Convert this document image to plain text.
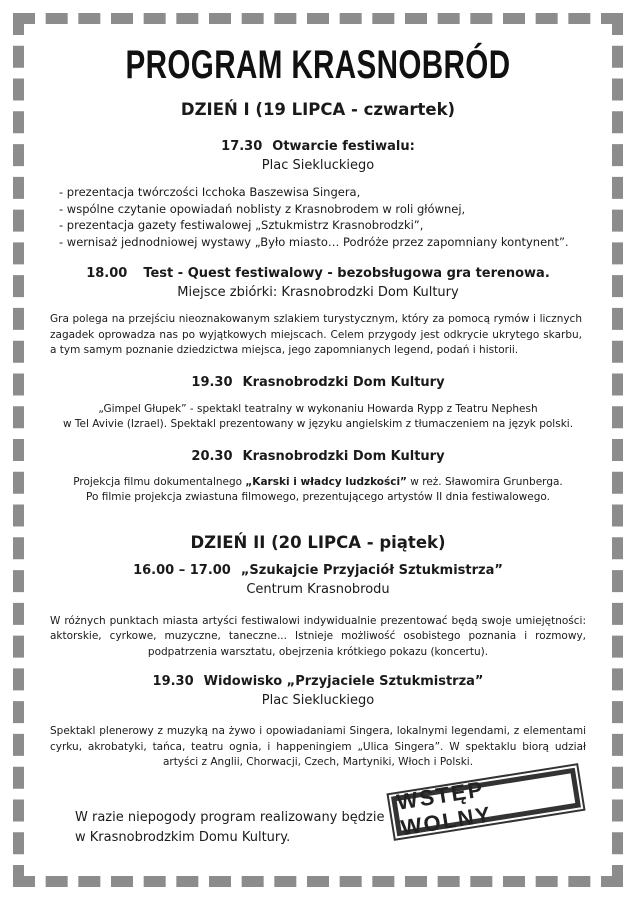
PROGRAM KRASNOBRÓD
DZIEŃ I (19 LIPCA - czwartek)

17.30 Otwarcie festiwalu:

Plac Siekluckiego

- prezentacja twórczości Icchoka Baszewisa Singera,
- wspólne czytanie opowiadań noblisty z Krasnobrodem w roli głównej,
- prezentacja gazety festiwalowej „Sztukmistrz Krasnobrodzki”,
- wernisaż jednodniowej wystawy „Było miasto… Podróże przez zapomniany kontynent”.

18.00 Test - Quest festiwalowy - bezobsługowa gra terenowa.

Miejsce zbiórki: Krasnobrodzki Dom Kultury

Gra polega na przejściu nieoznakowanym szlakiem turystycznym, który za pomocą rymów i licznych zagadek oprowadza nas po wyjątkowych miejscach. Celem przygody jest odkrycie ukrytego skarbu, a tym samym poznanie dziedzictwa miejsca, jego zapomnianych legend, podań i historii.

19.30 Krasnobrodzki Dom Kultury

„Gimpel Głupek” - spektakl teatralny w wykonaniu Howarda Rypp z Teatru Nephesh

w Tel Avivie (Izrael). Spektakl prezentowany w języku angielskim z tłumaczeniem na język polski.

20.30 Krasnobrodzki Dom Kultury

Projekcja filmu dokumentalnego „Karski i władcy ludzkości” w reż. Sławomira Grunberga.

Po filmie projekcja zwiastuna filmowego, prezentującego artystów II dnia festiwalowego.

DZIEŃ II (20 LIPCA - piątek)

16.00 – 17.00 „Szukajcie Przyjaciół Sztukmistrza”

Centrum Krasnobrodu

W różnych punktach miasta artyści festiwalowi indywidualnie prezentować będą swoje umiejętności: aktorskie, cyrkowe, muzyczne, taneczne... Istnieje możliwość osobistego poznania i rozmowy, podpatrzenia warsztatu, obejrzenia krótkiego pokazu (koncertu).

19.30 Widowisko „Przyjaciele Sztukmistrza”

Plac Siekluckiego

Spektakl plenerowy z muzyką na żywo i opowiadaniami Singera, lokalnymi legendami, z elementami cyrku, akrobatyki, tańca, teatru ognia, i happeningiem „Ulica Singera”. W spektaklu biorą udział artyści z Anglii, Chorwacji, Czech, Martyniki, Włoch i Polski.

W razie niepogody program realizowany będzie
w Krasnobrodzkim Domu Kultury.
WSTĘP WOLNY
